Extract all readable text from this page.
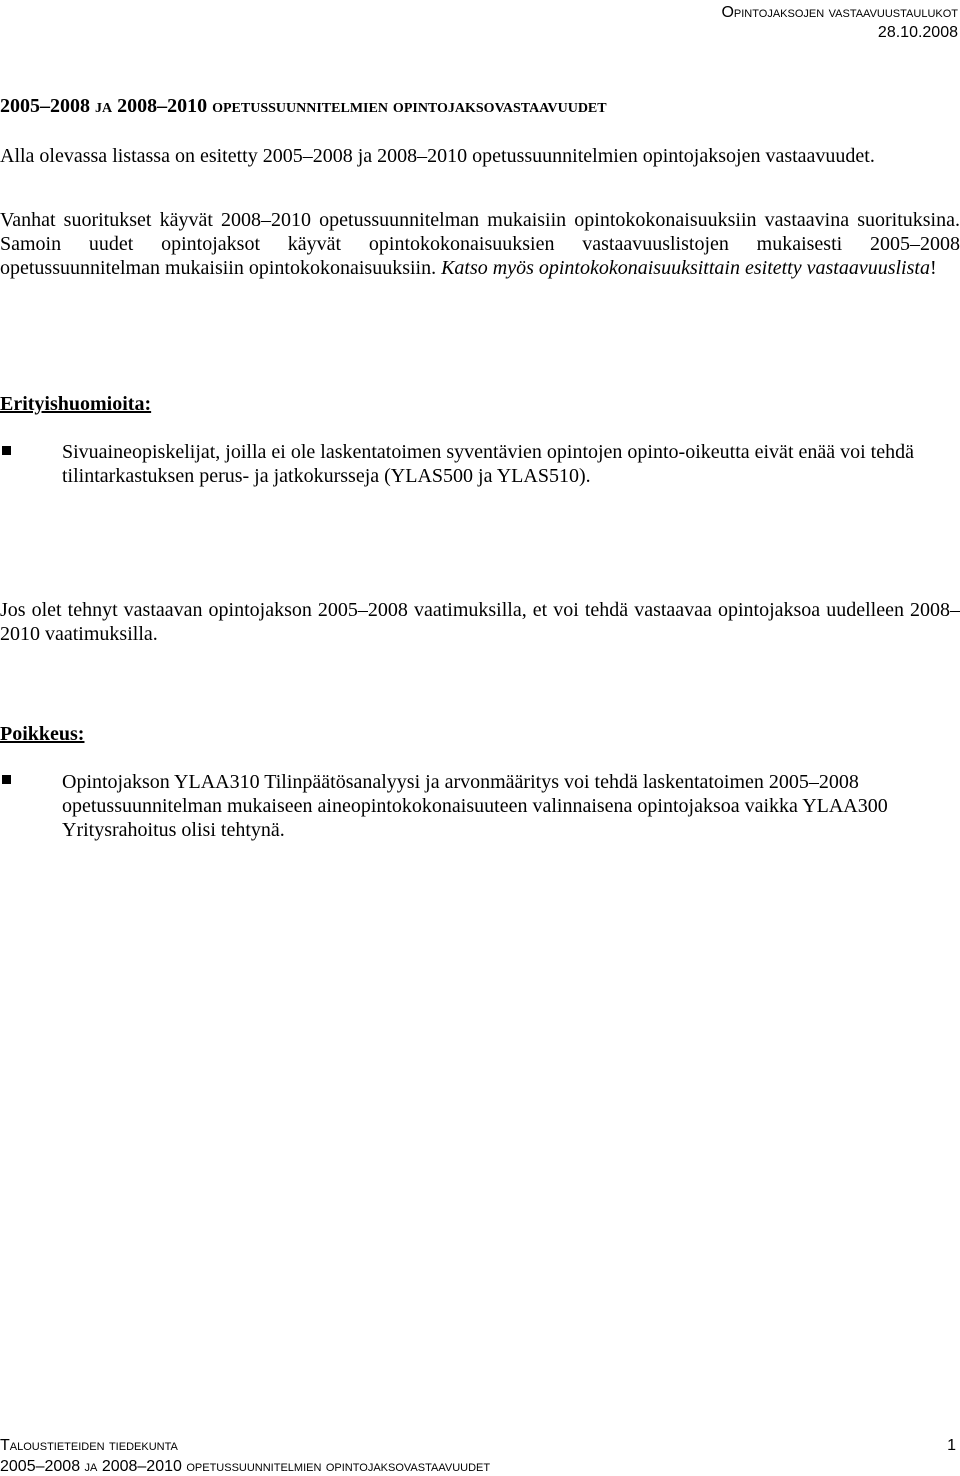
Opintojaksojen vastaavuustaulukot
28.10.2008
2005–2008 ja 2008–2010 opetussuunnitelmien opintojaksovastaavuudet
Alla olevassa listassa on esitetty 2005–2008 ja 2008–2010 opetussuunnitelmien opintojaksojen vastaavuudet.
Vanhat suoritukset käyvät 2008–2010 opetussuunnitelman mukaisiin opintokokonaisuuksiin vastaavina suorituksina. Samoin uudet opintojaksot käyvät opintokokonaisuuksien vastaavuuslistojen mukaisesti 2005–2008 opetussuunnitelman mukaisiin opintokokonaisuuksiin. Katso myös opintokokonaisuuksittain esitetty vastaavuuslista!
Erityishuomioita:
Sivuaineopiskelijat, joilla ei ole laskentatoimen syventävien opintojen opinto-oikeutta eivät enää voi tehdä tilintarkastuksen perus- ja jatkokursseja (YLAS500 ja YLAS510).
Jos olet tehnyt vastaavan opintojakson 2005–2008 vaatimuksilla, et voi tehdä vastaavaa opintojaksoa uudelleen 2008–2010 vaatimuksilla.
Poikkeus:
Opintojakson YLAA310 Tilinpäätösanalyysi ja arvonmääritys voi tehdä laskentatoimen 2005–2008 opetussuunnitelman mukaiseen aineopintokokonaisuuteen valinnaisena opintojaksoa vaikka YLAA300 Yritysrahoitus olisi tehtynä.
Taloustieteiden tiedekunta	1
2005–2008 ja 2008–2010 opetussuunnitelmien opintojaksovastaavuudet
